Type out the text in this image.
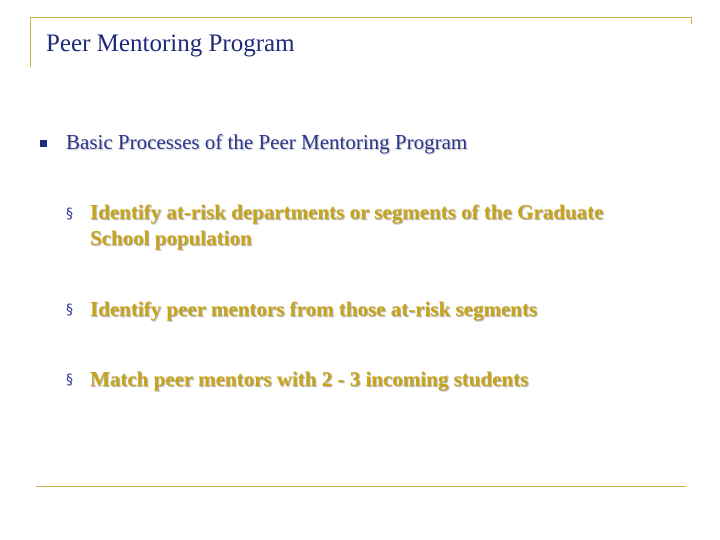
Peer Mentoring Program
Basic Processes of the Peer Mentoring Program
§ Identify at-risk departments or segments of the Graduate School population
§ Identify peer mentors from those at-risk segments
§ Match peer mentors with 2 - 3 incoming students
